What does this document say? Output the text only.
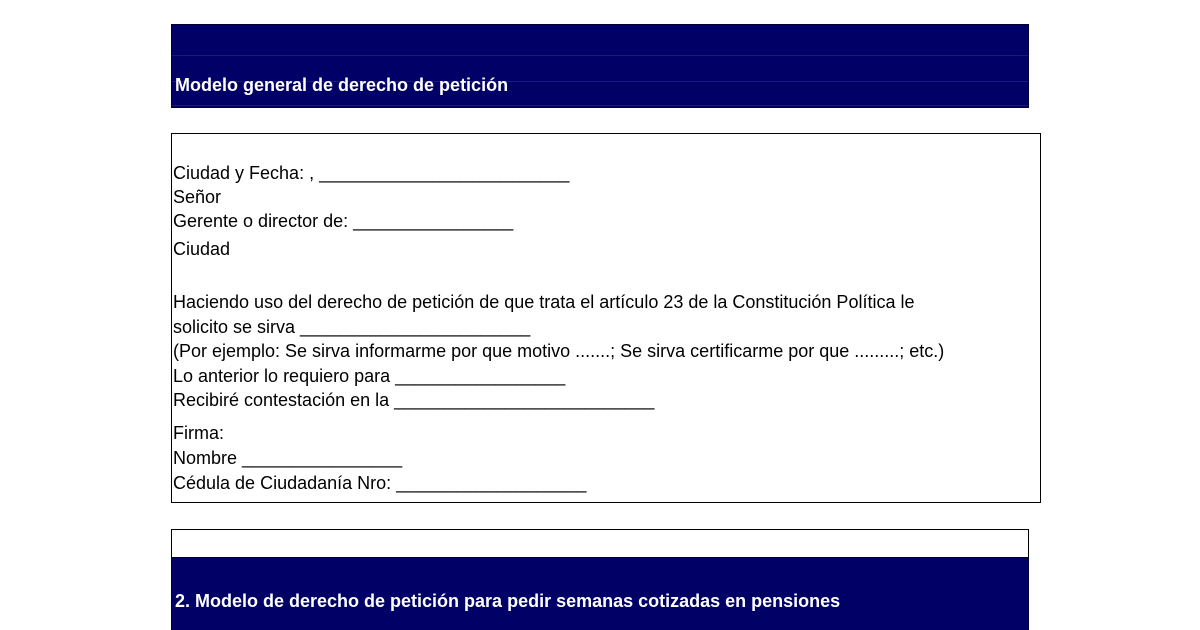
Modelo general de derecho de petición
Ciudad y Fecha: , _________________________
Señor
Gerente o director de: ________________
Ciudad
Haciendo uso del derecho de petición de que trata el artículo 23 de la Constitución Política le
solicito se sirva _______________________
(Por ejemplo: Se sirva informarme por que motivo .......; Se sirva certificarme por que .........; etc.)
Lo anterior lo requiero para _________________
Recibiré contestación en la __________________________
Firma:
Nombre ________________
Cédula de Ciudadanía Nro: ___________________
2. Modelo de derecho de petición para pedir semanas cotizadas en pensiones
